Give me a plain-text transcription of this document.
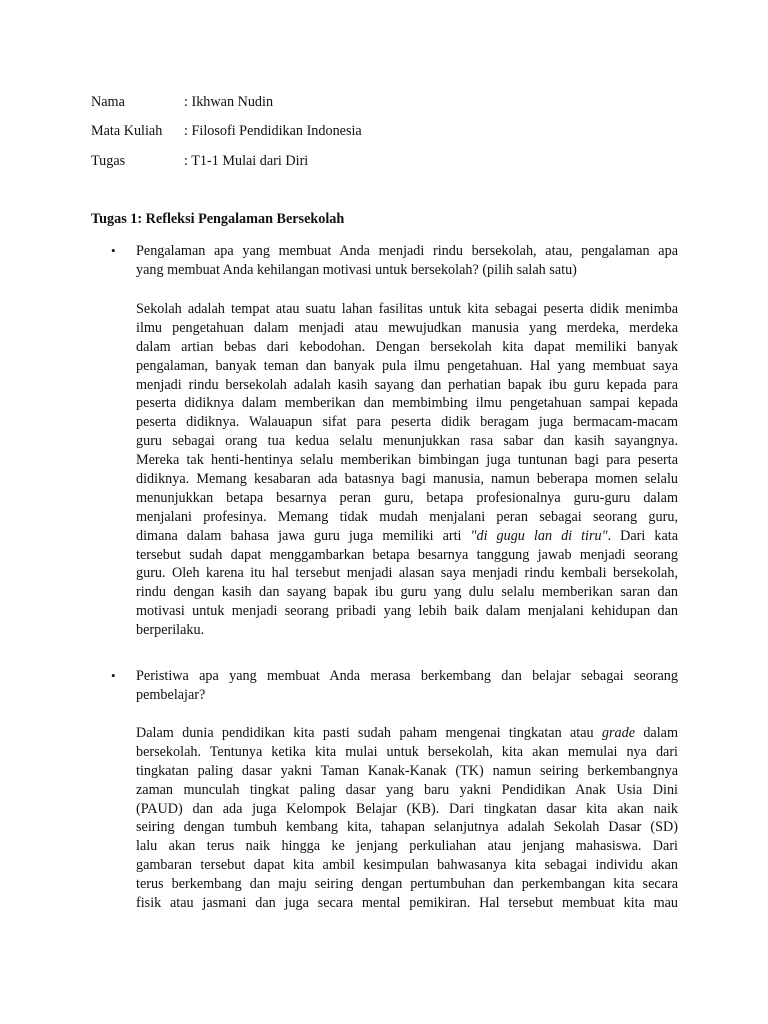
Nama	: Ikhwan Nudin
Mata Kuliah : Filosofi Pendidikan Indonesia
Tugas	: T1-1 Mulai dari Diri
Tugas 1: Refleksi Pengalaman Bersekolah
• Pengalaman apa yang membuat Anda menjadi rindu bersekolah, atau, pengalaman apa
yang membuat Anda kehilangan motivasi untuk bersekolah? (pilih salah satu)
Sekolah adalah tempat atau suatu lahan fasilitas untuk kita sebagai peserta didik menimba
ilmu pengetahuan dalam menjadi atau mewujudkan manusia yang merdeka, merdeka
dalam artian bebas dari kebodohan. Dengan bersekolah kita dapat memiliki banyak
pengalaman, banyak teman dan banyak pula ilmu pengetahuan. Hal yang membuat saya
menjadi rindu bersekolah adalah kasih sayang dan perhatian bapak ibu guru kepada para
peserta didiknya dalam memberikan dan membimbing ilmu pengetahuan sampai kepada
peserta didiknya. Walauapun sifat para peserta didik beragam juga bermacam-macam
guru sebagai orang tua kedua selalu menunjukkan rasa sabar dan kasih sayangnya.
Mereka tak henti-hentinya selalu memberikan bimbingan juga tuntunan bagi para peserta
didiknya. Memang kesabaran ada batasnya bagi manusia, namun beberapa momen selalu
menunjukkan betapa besarnya peran guru, betapa profesionalnya guru-guru dalam
menjalani profesinya. Memang tidak mudah menjalani peran sebagai seorang guru,
dimana dalam bahasa jawa guru juga memiliki arti "di gugu lan di tiru". Dari kata
tersebut sudah dapat menggambarkan betapa besarnya tanggung jawab menjadi seorang
guru. Oleh karena itu hal tersebut menjadi alasan saya menjadi rindu kembali bersekolah,
rindu dengan kasih dan sayang bapak ibu guru yang dulu selalu memberikan saran dan
motivasi untuk menjadi seorang pribadi yang lebih baik dalam menjalani kehidupan dan
berperilaku.
• Peristiwa apa yang membuat Anda merasa berkembang dan belajar sebagai seorang
pembelajar?
Dalam dunia pendidikan kita pasti sudah paham mengenai tingkatan atau grade dalam
bersekolah. Tentunya ketika kita mulai untuk bersekolah, kita akan memulai nya dari
tingkatan paling dasar yakni Taman Kanak-Kanak (TK) namun seiring berkembangnya
zaman munculah tingkat paling dasar yang baru yakni Pendidikan Anak Usia Dini
(PAUD) dan ada juga Kelompok Belajar (KB). Dari tingkatan dasar kita akan naik
seiring dengan tumbuh kembang kita, tahapan selanjutnya adalah Sekolah Dasar (SD)
lalu akan terus naik hingga ke jenjang perkuliahan atau jenjang mahasiswa. Dari
gambaran tersebut dapat kita ambil kesimpulan bahwasanya kita sebagai individu akan
terus berkembang dan maju seiring dengan pertumbuhan dan perkembangan kita secara
fisik atau jasmani dan juga secara mental pemikiran. Hal tersebut membuat kita mau
